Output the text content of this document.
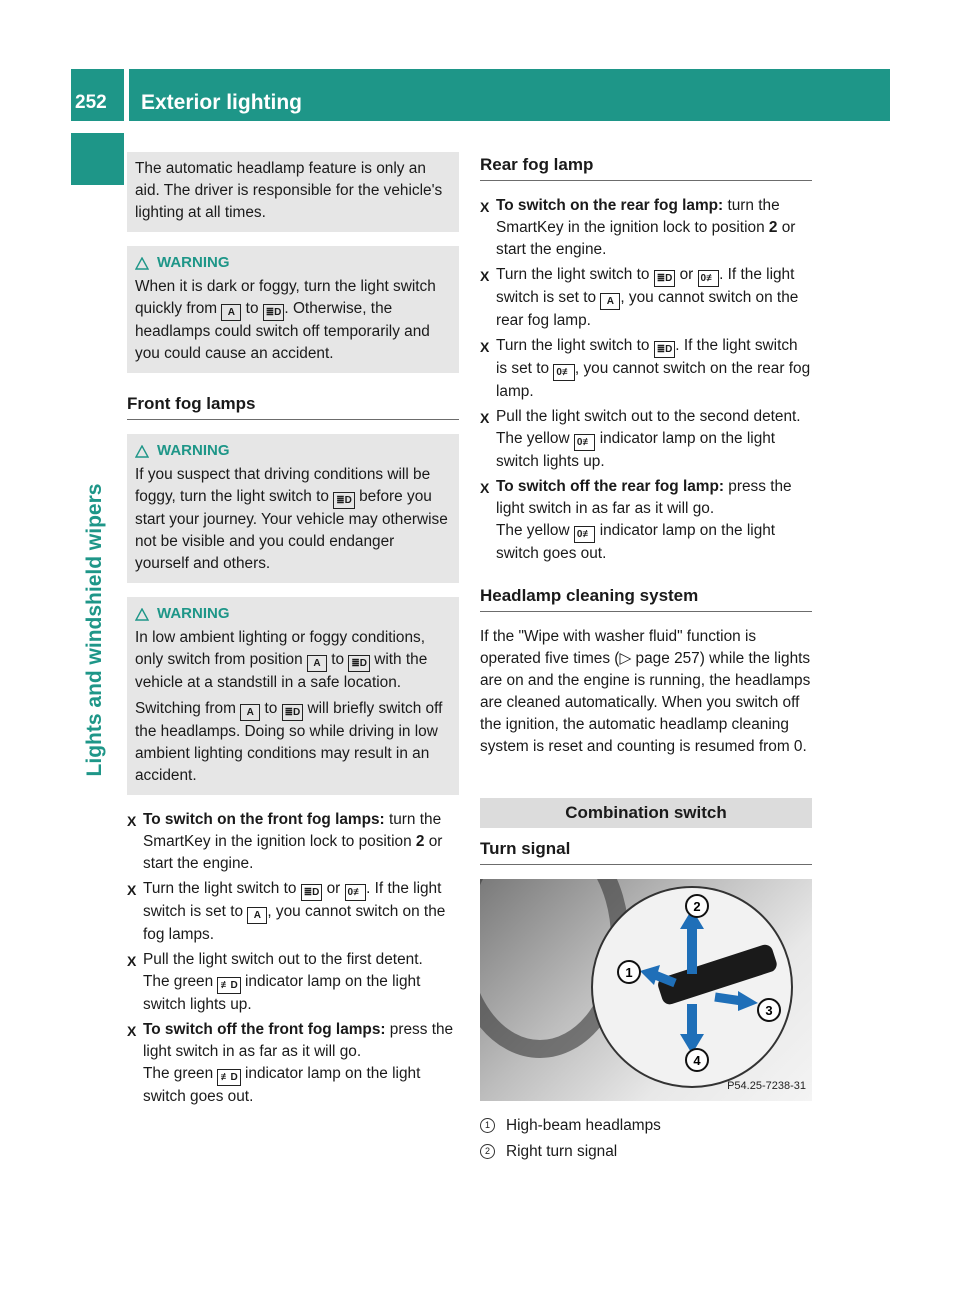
252 Exterior lighting
Lights and windshield wipers

The automatic headlamp feature is only an aid. The driver is responsible for the vehicle's lighting at all times.

WARNING

When it is dark or foggy, turn the light switch quickly from A to ≣D . Otherwise, the headlamps could switch off temporarily and you could cause an accident.

Front fog lamps
WARNING

If you suspect that driving conditions will be foggy, turn the light switch to ≣D before you start your journey. Your vehicle may otherwise not be visible and you could endanger yourself and others.

WARNING

In low ambient lighting or foggy conditions, only switch from position A to ≣D with the vehicle at a standstill in a safe location.

Switching from A to ≣D will briefly switch off the headlamps. Doing so while driving in low ambient lighting conditions may result in an accident.

X To switch on the front fog lamps: turn the SmartKey in the ignition lock to position 2 or start the engine.
X Turn the light switch to ≣D or 0≢ . If the light switch is set to A , you cannot switch on the fog lamps.
X Pull the light switch out to the first detent.
The green ≢D indicator lamp on the light switch lights up.
X To switch off the front fog lamps: press the light switch in as far as it will go.
The green ≢D indicator lamp on the light switch goes out.
Rear fog lamp
X To switch on the rear fog lamp: turn the SmartKey in the ignition lock to position 2 or start the engine.
X Turn the light switch to ≣D or 0≢ . If the light switch is set to A , you cannot switch on the rear fog lamp.
X Turn the light switch to ≣D . If the light switch is set to 0≢ , you cannot switch on the rear fog lamp.
X Pull the light switch out to the second detent.
The yellow 0≢ indicator lamp on the light switch lights up.
X To switch off the rear fog lamp: press the light switch in as far as it will go.
The yellow 0≢ indicator lamp on the light switch goes out.
Headlamp cleaning system

If the "Wipe with washer fluid" function is operated five times (▷ page 257) while the lights are on and the engine is running, the headlamps are cleaned automatically. When you switch off the ignition, the automatic headlamp cleaning system is reset and counting is resumed from 0.

Combination switch
Turn signal
1
2
3
4
P54.25-7238-31
1	High-beam headlamps
2	Right turn signal
